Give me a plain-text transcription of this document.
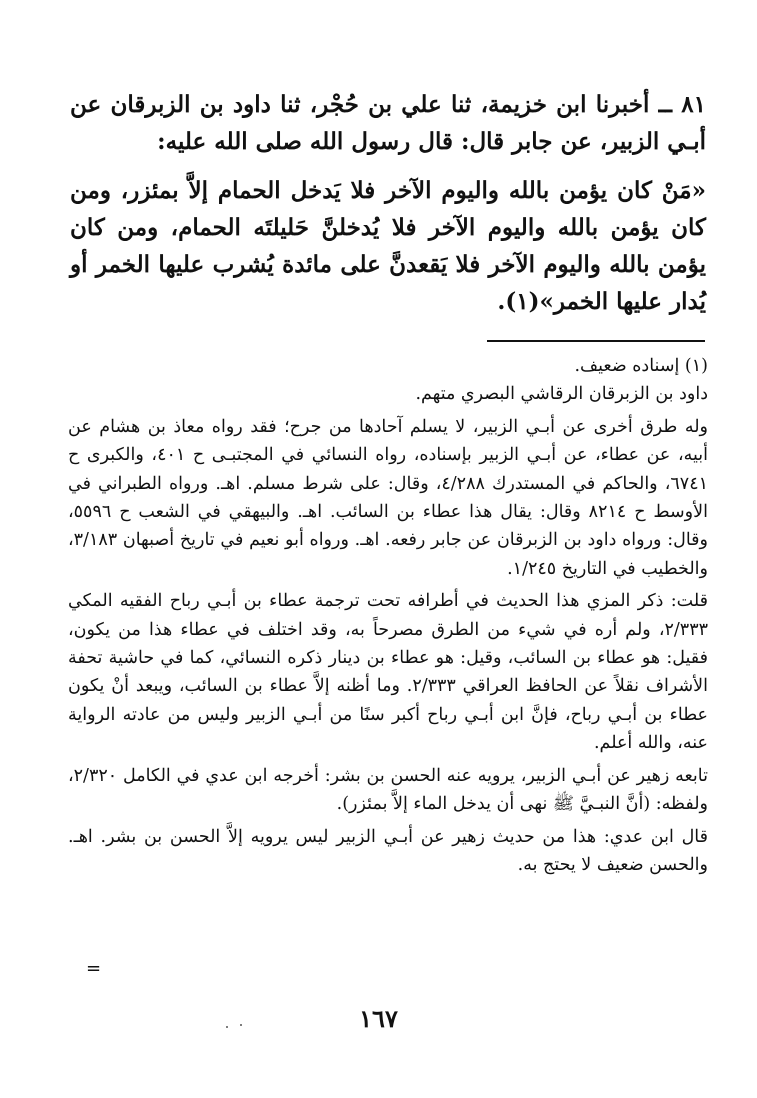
٨١ ــ أخبرنا ابن خزيمة، ثنا علي بن حُجْر، ثنا داود بن الزبرقان عن أبـي الزبير، عن جابر قال: قال رسول الله صلى الله عليه:

«مَنْ كان يؤمن بالله واليوم الآخر فلا يَدخل الحمام إلاَّ بمئزر، ومن كان يؤمن بالله واليوم الآخر فلا يُدخلنَّ حَليلتَه الحمام، ومن كان يؤمن بالله واليوم الآخر فلا يَقعدنَّ على مائدة يُشرب عليها الخمر أو يُدار عليها الخمر»(١).

(١) إسناده ضعيف.

داود بن الزبرقان الرقاشي البصري متهم.

وله طرق أخرى عن أبـي الزبير، لا يسلم آحادها من جرح؛ فقد رواه معاذ بن هشام عن أبيه، عن عطاء، عن أبـي الزبير بإسناده، رواه النسائي في المجتبـى ح ٤٠١، والكبرى ح ٦٧٤١، والحاكم في المستدرك ٤/٢٨٨، وقال: على شرط مسلم. اهـ. ورواه الطبراني في الأوسط ح ٨٢١٤ وقال: يقال هذا عطاء بن السائب. اهـ. والبيهقي في الشعب ح ٥٥٩٦، وقال: ورواه داود بن الزبرقان عن جابر رفعه. اهـ. ورواه أبو نعيم في تاريخ أصبهان ٣/١٨٣، والخطيب في التاريخ ١/٢٤٥.

قلت: ذكر المزي هذا الحديث في أطرافه تحت ترجمة عطاء بن أبـي رباح الفقيه المكي ٢/٣٣٣، ولم أره في شيء من الطرق مصرحاً به، وقد اختلف في عطاء هذا من يكون، فقيل: هو عطاء بن السائب، وقيل: هو عطاء بن دينار ذكره النسائي، كما في حاشية تحفة الأشراف نقلاً عن الحافظ العراقي ٢/٣٣٣. وما أظنه إلاَّ عطاء بن السائب، ويبعد أنْ يكون عطاء بن أبـي رباح، فإنَّ ابن أبـي رباح أكبر سنًا من أبـي الزبير وليس من عادته الرواية عنه، والله أعلم.

تابعه زهير عن أبـي الزبير، يرويه عنه الحسن بن بشر: أخرجه ابن عدي في الكامل ٢/٣٢٠، ولفظه: (أنَّ النبـيَّ ﷺ نهى أن يدخل الماء إلاَّ بمئزر).

قال ابن عدي: هذا من حديث زهير عن أبـي الزبير ليس يرويه إلاَّ الحسن بن بشر. اهـ. والحسن ضعيف لا يحتج به.

=
١٦٧
